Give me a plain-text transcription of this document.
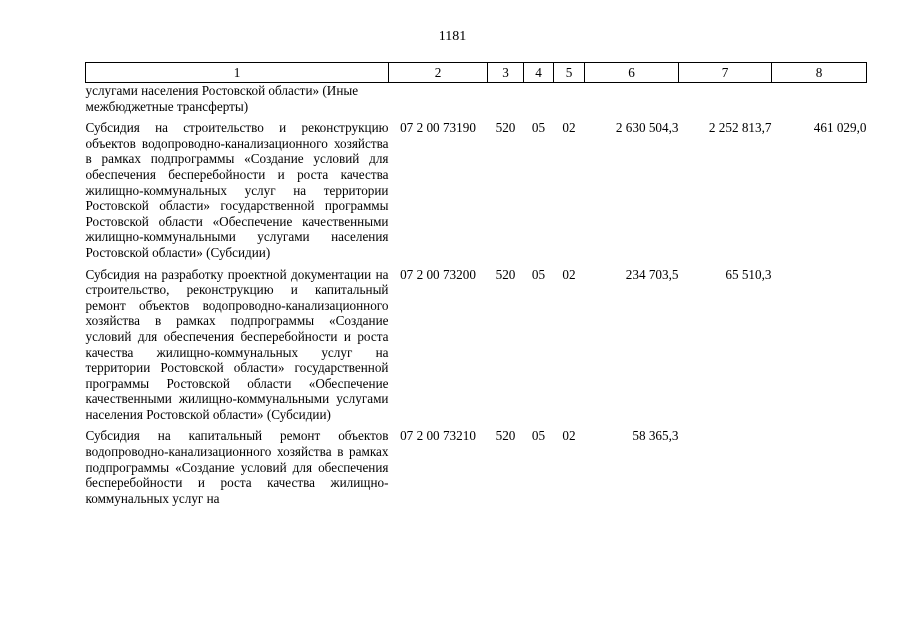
1181
1	2	3	4	5	6	7	8
услугами населения Ростовской области» (Иные межбюджетные трансферты)							

Субсидия на строительство и реконструкцию объектов водопроводно-канализационного хозяйства в рамках подпрограммы «Создание условий для обеспечения бесперебойности и роста качества жилищно-коммунальных услуг на территории Ростовской области» государственной программы Ростовской области «Обеспечение качественными жилищно-коммунальными услугами населения Ростовской области» (Субсидии)	07 2 00 73190	520	05	02	2 630 504,3	2 252 813,7	461 029,0

Субсидия на разработку проектной документации на строительство, реконструкцию и капитальный ремонт объектов водопроводно-канализационного хозяйства в рамках подпрограммы «Создание условий для обеспечения бесперебойности и роста качества жилищно-коммунальных услуг на территории Ростовской области» государственной программы Ростовской области «Обеспечение качественными жилищно-коммунальными услугами населения Ростовской области» (Субсидии)	07 2 00 73200	520	05	02	234 703,5	65 510,3	

Субсидия на капитальный ремонт объектов водопроводно-канализационного хозяйства в рамках подпрограммы «Создание условий для обеспечения бесперебойности и роста качества жилищно-коммунальных услуг на	07 2 00 73210	520	05	02	58 365,3		
